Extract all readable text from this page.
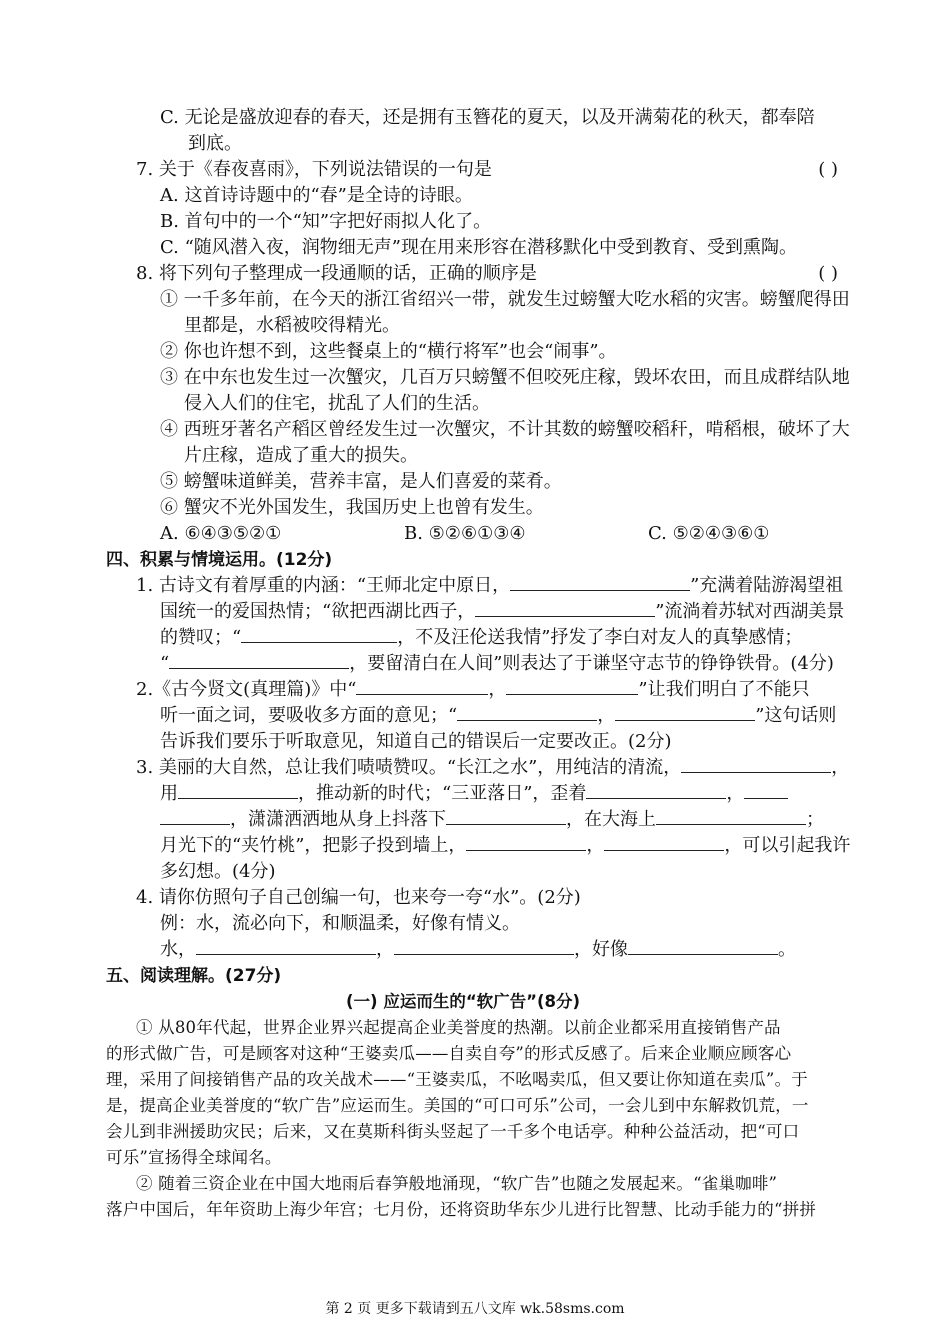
C. 无论是盛放迎春的春天，还是拥有玉簪花的夏天，以及开满菊花的秋天，都奉陪
到底。
7. 关于《春夜喜雨》，下列说法错误的一句是	( )
A. 这首诗诗题中的“春”是全诗的诗眼。
B. 首句中的一个“知”字把好雨拟人化了。
C. “随风潜入夜，润物细无声”现在用来形容在潜移默化中受到教育、受到熏陶。
8. 将下列句子整理成一段通顺的话，正确的顺序是	( )
① 一千多年前，在今天的浙江省绍兴一带，就发生过螃蟹大吃水稻的灾害。螃蟹爬得田
里都是，水稻被咬得精光。
② 你也许想不到，这些餐桌上的“横行将军”也会“闹事”。
③ 在中东也发生过一次蟹灾，几百万只螃蟹不但咬死庄稼，毁坏农田，而且成群结队地
侵入人们的住宅，扰乱了人们的生活。
④ 西班牙著名产稻区曾经发生过一次蟹灾，不计其数的螃蟹咬稻秆，啃稻根，破坏了大
片庄稼，造成了重大的损失。
⑤ 螃蟹味道鲜美，营养丰富，是人们喜爱的菜肴。
⑥ 蟹灾不光外国发生，我国历史上也曾有发生。
A. ⑥④③⑤②①	B. ⑤②⑥①③④	C. ⑤②④③⑥①
四、积累与情境运用。(12分)
1. 古诗文有着厚重的内涵：“王师北定中原日，	”充满着陆游渴望祖
国统一的爱国热情；“欲把西湖比西子，	”流淌着苏轼对西湖美景
的赞叹；“	，不及汪伦送我情”抒发了李白对友人的真挚感情；
“	，要留清白在人间”则表达了于谦坚守志节的铮铮铁骨。(4分)
2.《古今贤文(真理篇)》中“	，	”让我们明白了不能只
听一面之词，要吸收多方面的意见；“	，	”这句话则
告诉我们要乐于听取意见，知道自己的错误后一定要改正。(2分)
3. 美丽的大自然，总让我们啧啧赞叹。“长江之水”，用纯洁的清流，	，
用	，推动新的时代；“三亚落日”，歪着	，
，潇潇洒洒地从身上抖落下	，在大海上	；
月光下的“夹竹桃”，把影子投到墙上，	，	，可以引起我许
多幻想。(4分)
4. 请你仿照句子自己创编一句，也来夸一夸“水”。(2分)
例：水，流必向下，和顺温柔，好像有情义。
水，	，	，好像	。
五、阅读理解。(27分)
(一) 应运而生的“软广告”(8分)
① 从80年代起，世界企业界兴起提高企业美誉度的热潮。以前企业都采用直接销售产品
的形式做广告，可是顾客对这种“王婆卖瓜——自卖自夸”的形式反感了。后来企业顺应顾客心
理，采用了间接销售产品的攻关战术——“王婆卖瓜，不吆喝卖瓜，但又要让你知道在卖瓜”。于
是，提高企业美誉度的“软广告”应运而生。美国的“可口可乐”公司，一会儿到中东解救饥荒，一
会儿到非洲援助灾民；后来，又在莫斯科街头竖起了一千多个电话亭。种种公益活动，把“可口
可乐”宣扬得全球闻名。
② 随着三资企业在中国大地雨后春笋般地涌现，“软广告”也随之发展起来。“雀巢咖啡”
落户中国后，年年资助上海少年宫；七月份，还将资助华东少儿进行比智慧、比动手能力的“拼拼
第 2 页 更多下载请到五八文库 wk.58sms.com
